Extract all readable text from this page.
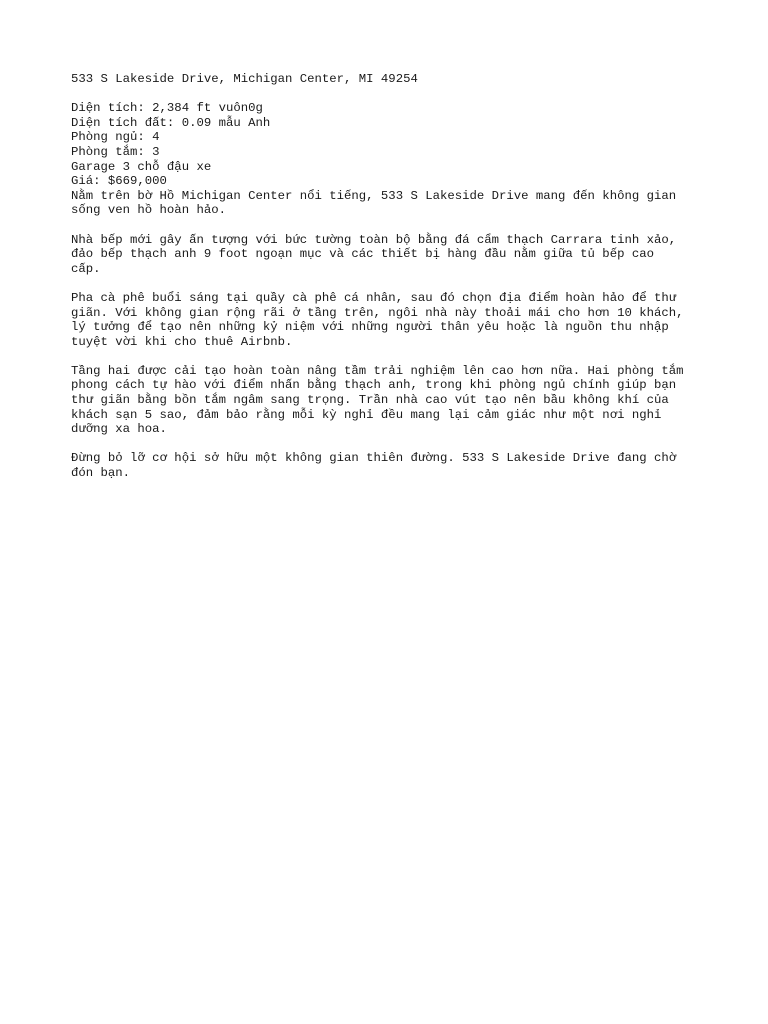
533 S Lakeside Drive, Michigan Center, MI 49254
Diện tích: 2,384 ft vuôn0g
Diện tích đất: 0.09 mẫu Anh
Phòng ngủ: 4
Phòng tắm: 3
Garage 3 chỗ đậu xe
Giá: $669,000
Nằm trên bờ Hồ Michigan Center nổi tiếng, 533 S Lakeside Drive mang đến không gian
sống ven hồ hoàn hảo.
Nhà bếp mới gây ấn tượng với bức tường toàn bộ bằng đá cẩm thạch Carrara tinh xảo,
đảo bếp thạch anh 9 foot ngoạn mục và các thiết bị hàng đầu nằm giữa tủ bếp cao
cấp.
Pha cà phê buổi sáng tại quầy cà phê cá nhân, sau đó chọn địa điểm hoàn hảo để thư
giãn. Với không gian rộng rãi ở tầng trên, ngôi nhà này thoải mái cho hơn 10 khách,
lý tưởng để tạo nên những kỷ niệm với những người thân yêu hoặc là nguồn thu nhập
tuyệt vời khi cho thuê Airbnb.
Tầng hai được cải tạo hoàn toàn nâng tầm trải nghiệm lên cao hơn nữa. Hai phòng tắm
phong cách tự hào với điểm nhấn bằng thạch anh, trong khi phòng ngủ chính giúp bạn
thư giãn bằng bồn tắm ngâm sang trọng. Trần nhà cao vút tạo nên bầu không khí của
khách sạn 5 sao, đảm bảo rằng mỗi kỳ nghỉ đều mang lại cảm giác như một nơi nghỉ
dưỡng xa hoa.
Đừng bỏ lỡ cơ hội sở hữu một không gian thiên đường. 533 S Lakeside Drive đang chờ
đón bạn.
